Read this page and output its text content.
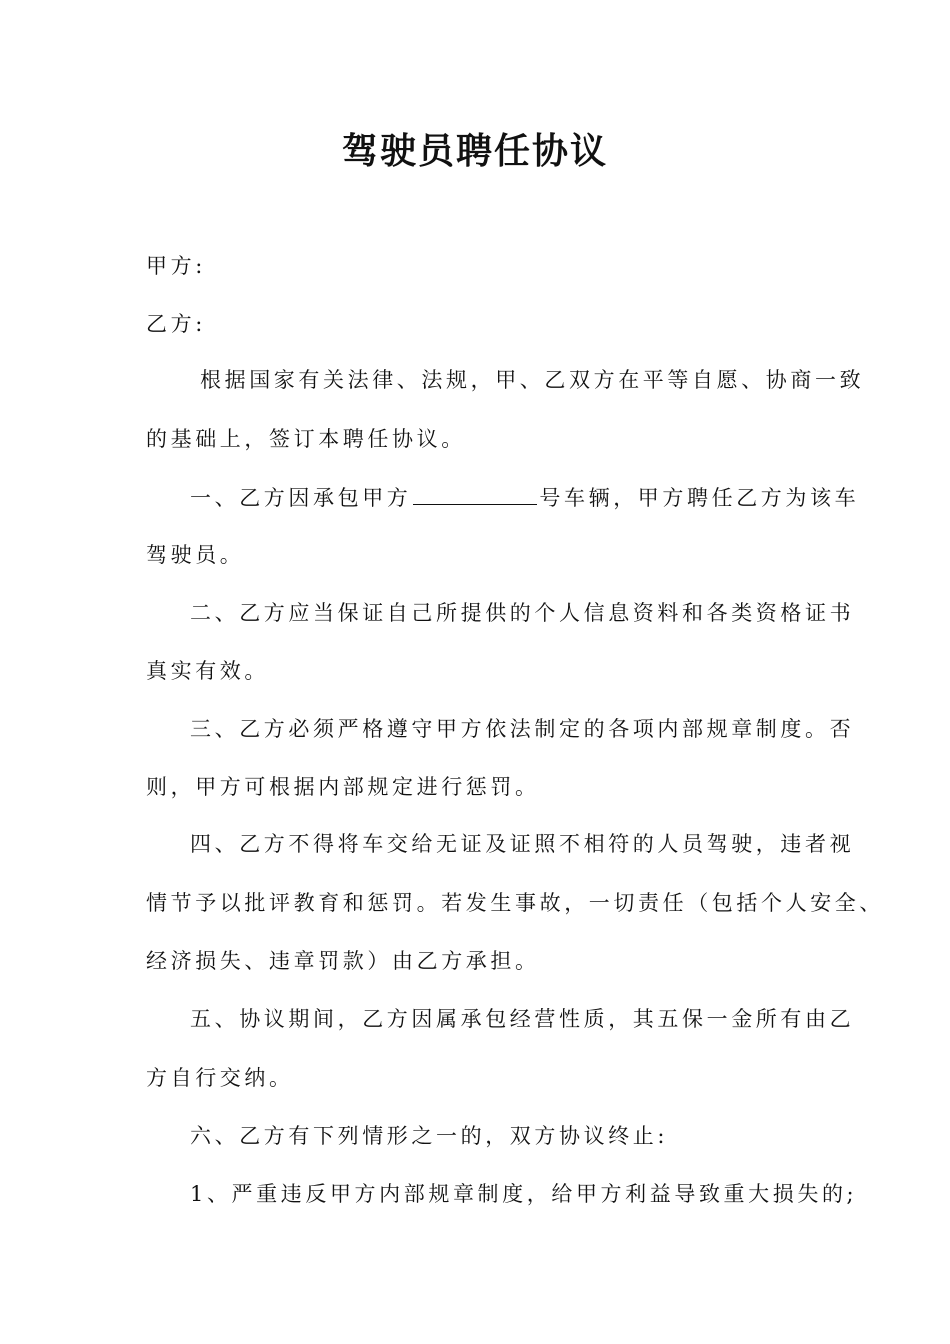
驾驶员聘任协议
甲方:
乙方:
根据国家有关法律、法规，甲、乙双方在平等自愿、协商一致
的基础上，签订本聘任协议。
一、乙方因承包甲方	号车辆，甲方聘任乙方为该车
驾驶员。
二、乙方应当保证自己所提供的个人信息资料和各类资格证书
真实有效。
三、乙方必须严格遵守甲方依法制定的各项内部规章制度。否
则，甲方可根据内部规定进行惩罚。
四、乙方不得将车交给无证及证照不相符的人员驾驶，违者视
情节予以批评教育和惩罚。若发生事故，一切责任（包括个人安全、
经济损失、违章罚款）由乙方承担。
五、协议期间，乙方因属承包经营性质，其五保一金所有由乙
方自行交纳。
六、乙方有下列情形之一的，双方协议终止:
1、严重违反甲方内部规章制度，给甲方利益导致重大损失的;
